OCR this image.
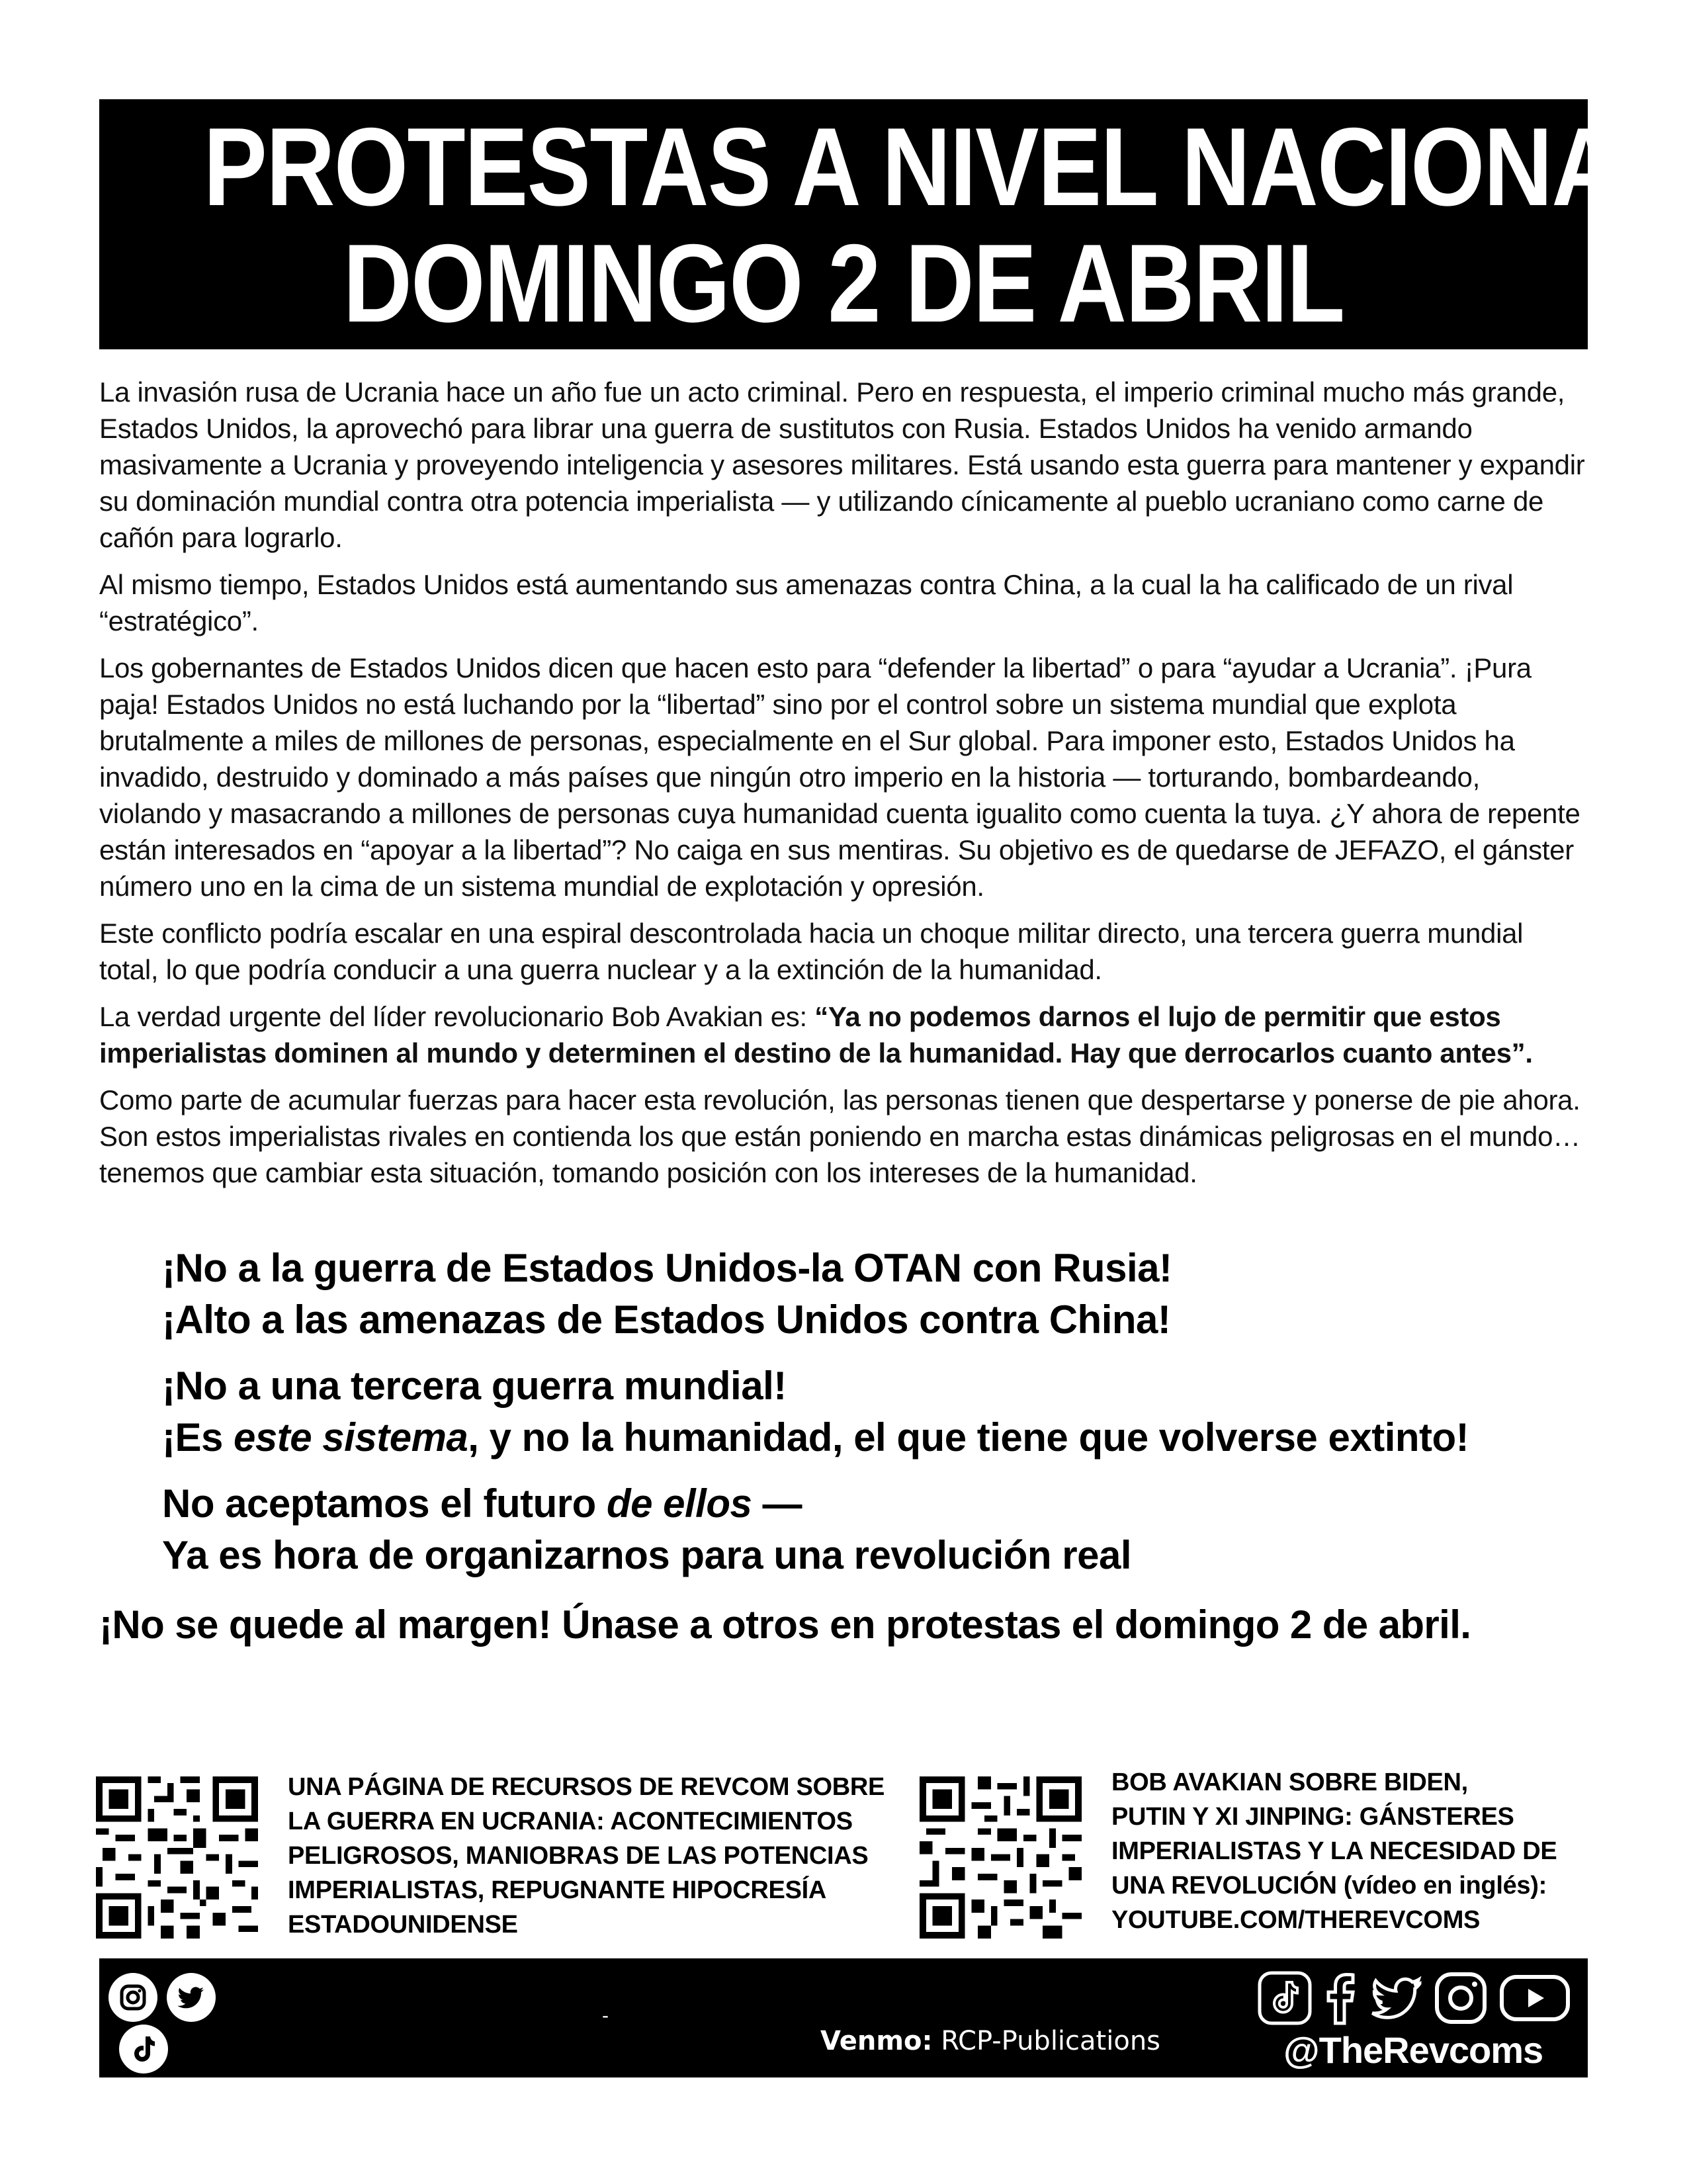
PROTESTAS A NIVEL NACIONAL
DOMINGO 2 DE ABRIL

La invasión rusa de Ucrania hace un año fue un acto criminal. Pero en respuesta, el imperio criminal mucho más grande, Estados Unidos, la aprovechó para librar una guerra de sustitutos con Rusia. Estados Unidos ha venido armando masivamente a Ucrania y proveyendo inteligencia y asesores militares. Está usando esta guerra para mantener y expandir su dominación mundial contra otra potencia imperialista — y utilizando cínicamente al pueblo ucraniano como carne de cañón para lograrlo.

Al mismo tiempo, Estados Unidos está aumentando sus amenazas contra China, a la cual la ha calificado de un rival “estratégico”.

Los gobernantes de Estados Unidos dicen que hacen esto para “defender la libertad” o para “ayudar a Ucrania”. ¡Pura paja! Estados Unidos no está luchando por la “libertad” sino por el control sobre un sistema mundial que explota brutalmente a miles de millones de personas, especialmente en el Sur global. Para imponer esto, Estados Unidos ha invadido, destruido y dominado a más países que ningún otro imperio en la historia — torturando, bombardeando, violando y masacrando a millones de personas cuya humanidad cuenta igualito como cuenta la tuya. ¿Y ahora de repente están interesados en “apoyar a la libertad”? No caiga en sus mentiras. Su objetivo es de quedarse de JEFAZO, el gánster número uno en la cima de un sistema mundial de explotación y opresión.

Este conflicto podría escalar en una espiral descontrolada hacia un choque militar directo, una tercera guerra mundial total, lo que podría conducir a una guerra nuclear y a la extinción de la humanidad.

La verdad urgente del líder revolucionario Bob Avakian es: “Ya no podemos darnos el lujo de permitir que estos imperialistas dominen al mundo y determinen el destino de la humanidad. Hay que derrocarlos cuanto antes”.

Como parte de acumular fuerzas para hacer esta revolución, las personas tienen que despertarse y ponerse de pie ahora. Son estos imperialistas rivales en contienda los que están poniendo en marcha estas dinámicas peligrosas en el mundo… tenemos que cambiar esta situación, tomando posición con los intereses de la humanidad.

¡No a la guerra de Estados Unidos-la OTAN con Rusia!
¡Alto a las amenazas de Estados Unidos contra China!
¡No a una tercera guerra mundial!
¡Es este sistema, y no la humanidad, el que tiene que volverse extinto!
No aceptamos el futuro de ellos —
Ya es hora de organizarnos para una revolución real
¡No se quede al margen! Únase a otros en protestas el domingo 2 de abril.
UNA PÁGINA DE RECURSOS DE REVCOM SOBRE
LA GUERRA EN UCRANIA: ACONTECIMIENTOS
PELIGROSOS, MANIOBRAS DE LAS POTENCIAS
IMPERIALISTAS, REPUGNANTE HIPOCRESÍA
ESTADOUNIDENSE
BOB AVAKIAN SOBRE BIDEN,
PUTIN Y XI JINPING: GÁNSTERES
IMPERIALISTAS Y LA NECESIDAD DE
UNA REVOLUCIÓN (vídeo en inglés):
YOUTUBE.COM/THEREVCOMS
-
Venmo: RCP-Publications	@TheRevcoms
